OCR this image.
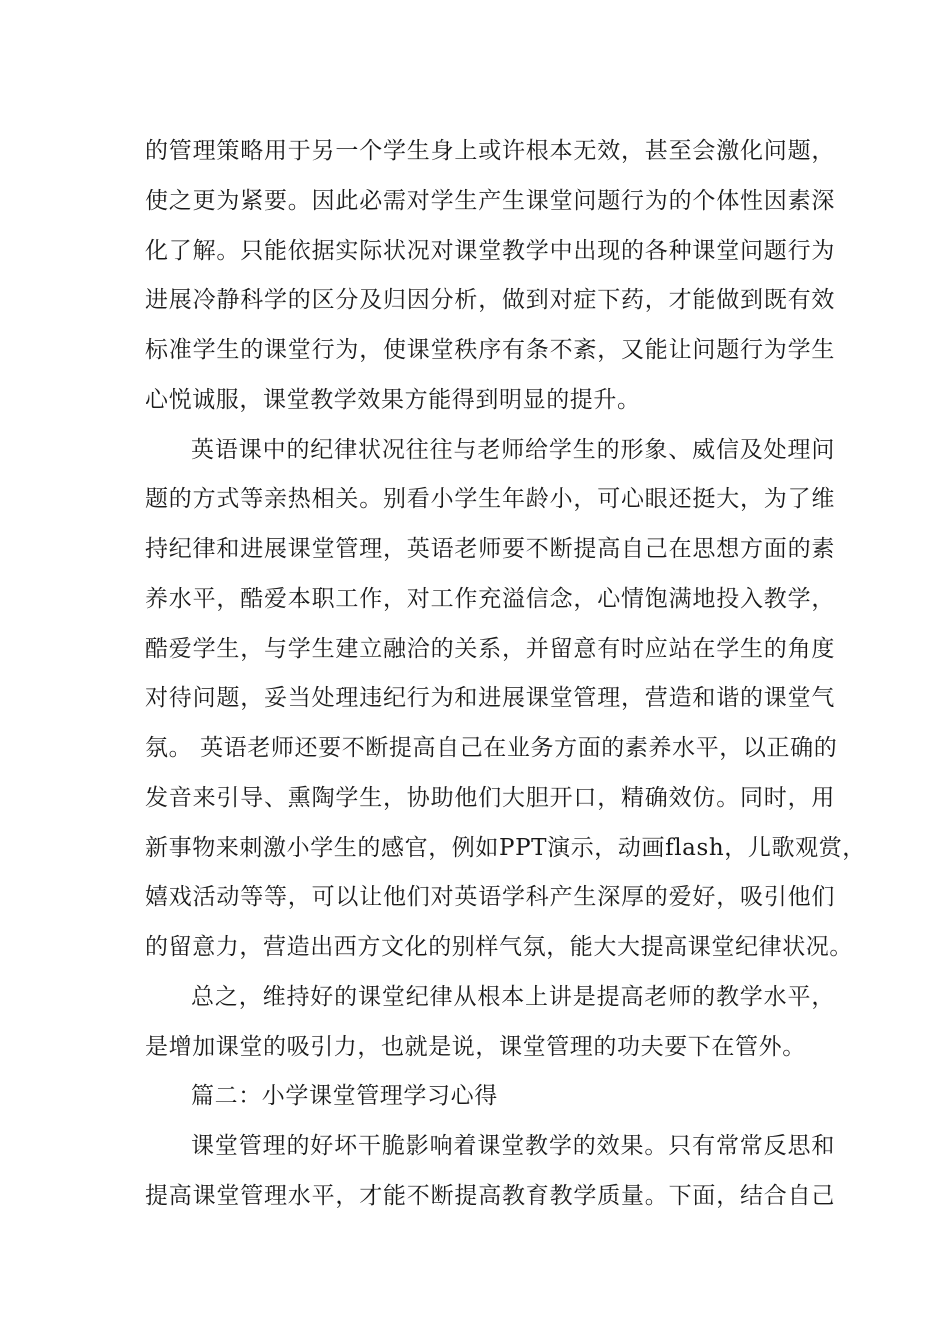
的管理策略用于另一个学生身上或许根本无效，甚至会激化问题，
使之更为紧要。因此必需对学生产生课堂问题行为的个体性因素深
化了解。只能依据实际状况对课堂教学中出现的各种课堂问题行为
进展冷静科学的区分及归因分析，做到对症下药，才能做到既有效
标准学生的课堂行为，使课堂秩序有条不紊，又能让问题行为学生
心悦诚服，课堂教学效果方能得到明显的提升。
英语课中的纪律状况往往与老师给学生的形象、威信及处理问
题的方式等亲热相关。别看小学生年龄小，可心眼还挺大，为了维
持纪律和进展课堂管理，英语老师要不断提高自己在思想方面的素
养水平，酷爱本职工作，对工作充溢信念，心情饱满地投入教学，
酷爱学生，与学生建立融洽的关系，并留意有时应站在学生的角度
对待问题，妥当处理违纪行为和进展课堂管理，营造和谐的课堂气
氛。 英语老师还要不断提高自己在业务方面的素养水平，以正确的
发音来引导、熏陶学生，协助他们大胆开口，精确效仿。同时，用
新事物来刺激小学生的感官，例如PPT演示，动画flash，儿歌观赏，
嬉戏活动等等，可以让他们对英语学科产生深厚的爱好，吸引他们
的留意力，营造出西方文化的别样气氛，能大大提高课堂纪律状况。
总之，维持好的课堂纪律从根本上讲是提高老师的教学水平，
是增加课堂的吸引力，也就是说，课堂管理的功夫要下在管外。
篇二：小学课堂管理学习心得
课堂管理的好坏干脆影响着课堂教学的效果。只有常常反思和
提高课堂管理水平，才能不断提高教育教学质量。下面，结合自己
